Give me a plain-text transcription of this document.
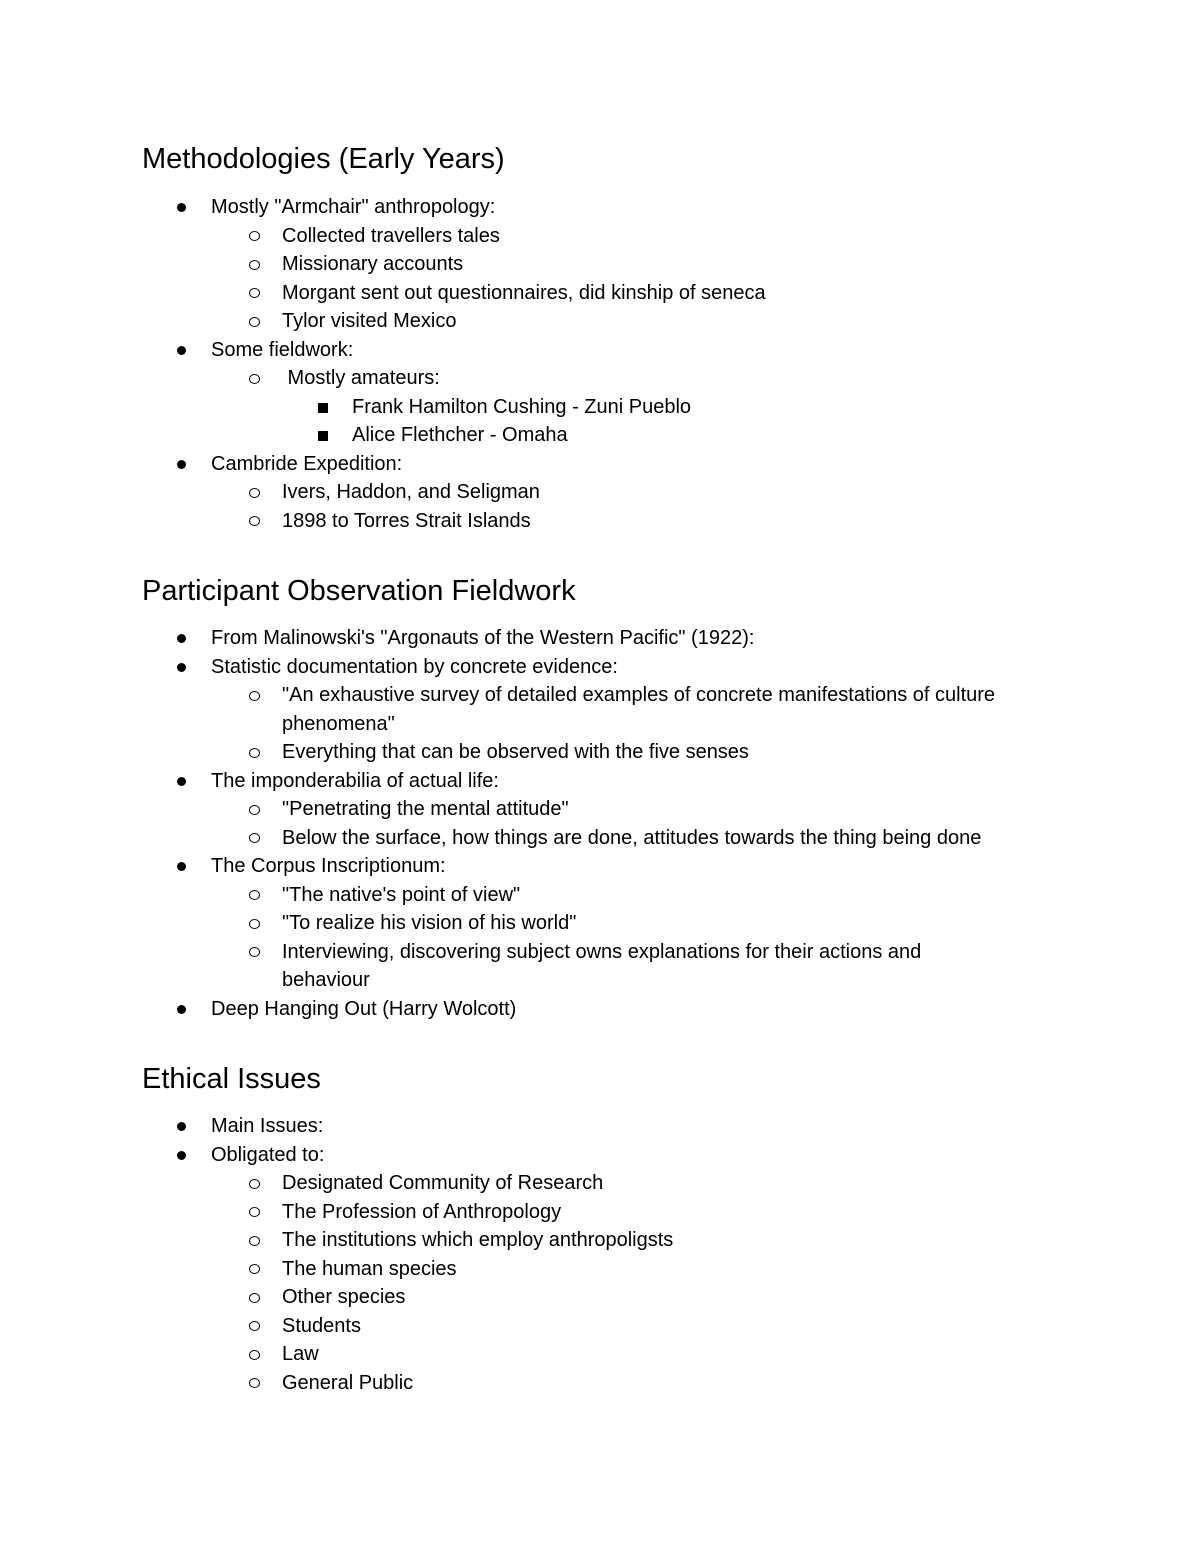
Methodologies (Early Years)
Mostly "Armchair" anthropology:
Collected travellers tales
Missionary accounts
Morgant sent out questionnaires, did kinship of seneca
Tylor visited Mexico
Some fieldwork:
Mostly amateurs:
Frank Hamilton Cushing - Zuni Pueblo
Alice Flethcher - Omaha
Cambride Expedition:
Ivers, Haddon, and Seligman
1898 to Torres Strait Islands
Participant Observation Fieldwork
From Malinowski's "Argonauts of the Western Pacific" (1922):
Statistic documentation by concrete evidence:
"An exhaustive survey of detailed examples of concrete manifestations of culture
phenomena"
Everything that can be observed with the five senses
The imponderabilia of actual life:
"Penetrating the mental attitude"
Below the surface, how things are done, attitudes towards the thing being done
The Corpus Inscriptionum:
"The native's point of view"
"To realize his vision of his world"
Interviewing, discovering subject owns explanations for their actions and
behaviour
Deep Hanging Out (Harry Wolcott)
Ethical Issues
Main Issues:
Obligated to:
Designated Community of Research
The Profession of Anthropology
The institutions which employ anthropoligsts
The human species
Other species
Students
Law
General Public
